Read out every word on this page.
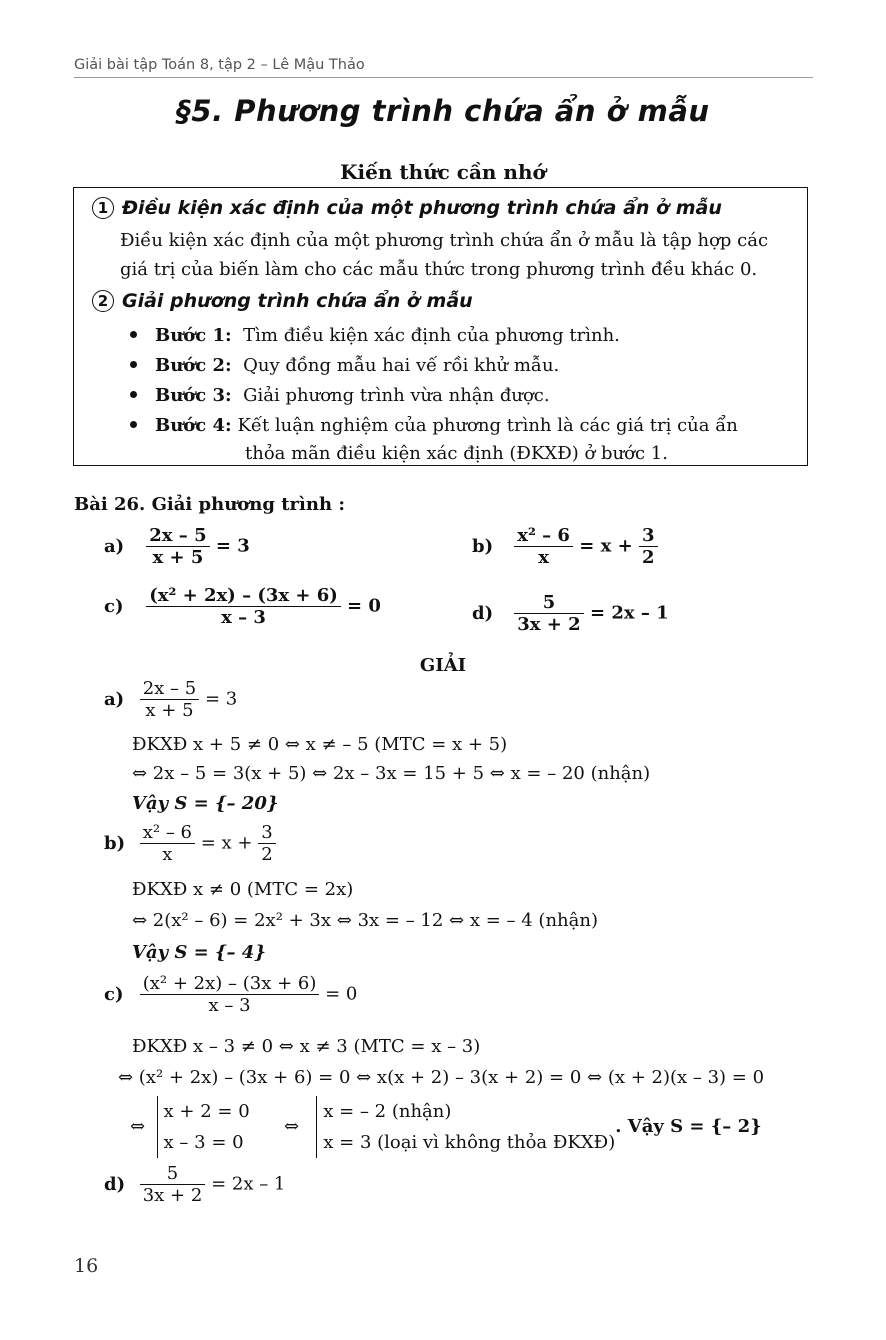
Giải bài tập Toán 8, tập 2 – Lê Mậu Thảo
§5. Phương trình chứa ẩn ở mẫu
Kiến thức cần nhớ
1 Điều kiện xác định của một phương trình chứa ẩn ở mẫu
Điều kiện xác định của một phương trình chứa ẩn ở mẫu là tập hợp các
giá trị của biến làm cho các mẫu thức trong phương trình đều khác 0.
2 Giải phương trình chứa ẩn ở mẫu
Bước 1: Tìm điều kiện xác định của phương trình.
Bước 2: Quy đồng mẫu hai vế rồi khử mẫu.
Bước 3: Giải phương trình vừa nhận được.
Bước 4: Kết luận nghiệm của phương trình là các giá trị của ẩn
thỏa mãn điều kiện xác định (ĐKXĐ) ở bước 1.
Bài 26. Giải phương trình :
$a) \frac{2x - 5}{x + 5} = 3$	$b) \frac{\text{x² – 6}}{x} = x + \frac{3}{2}$
$c) \frac{\text{(x² + 2x) – (3x + 6)}}{x - 3} = 0$	$d) \frac{5}{3x + 2} = 2x - 1$
GIẢI
$a) \frac{2x - 5}{x + 5} = 3$
ĐKXĐ x + 5 ≠ 0 ⇔ x ≠ – 5 (MTC = x + 5)
⇔ 2x – 5 = 3(x + 5) ⇔ 2x – 3x = 15 + 5 ⇔ x = – 20 (nhận)
Vậy S = {– 20}
$b) \frac{\text{x² – 6}}{x} = x + \frac{3}{2}$
ĐKXĐ x ≠ 0 (MTC = 2x)
⇔ 2(x² – 6) = 2x² + 3x ⇔ 3x = – 12 ⇔ x = – 4 (nhận)
Vậy S = {– 4}
$c) \frac{\text{(x² + 2x) – (3x + 6)}}{x - 3} = 0$
ĐKXĐ x – 3 ≠ 0 ⇔ x ≠ 3 (MTC = x – 3)
⇔ (x² + 2x) – (3x + 6) = 0 ⇔ x(x + 2) – 3(x + 2) = 0 ⇔ (x + 2)(x – 3) = 0
⇔
x + 2 = 0
x – 3 = 0
⇔
x = – 2 (nhận)
x = 3 (loại vì không thỏa ĐKXĐ)
. Vậy S = {– 2}
$d) \frac{5}{3x + 2} = 2x - 1$
16
